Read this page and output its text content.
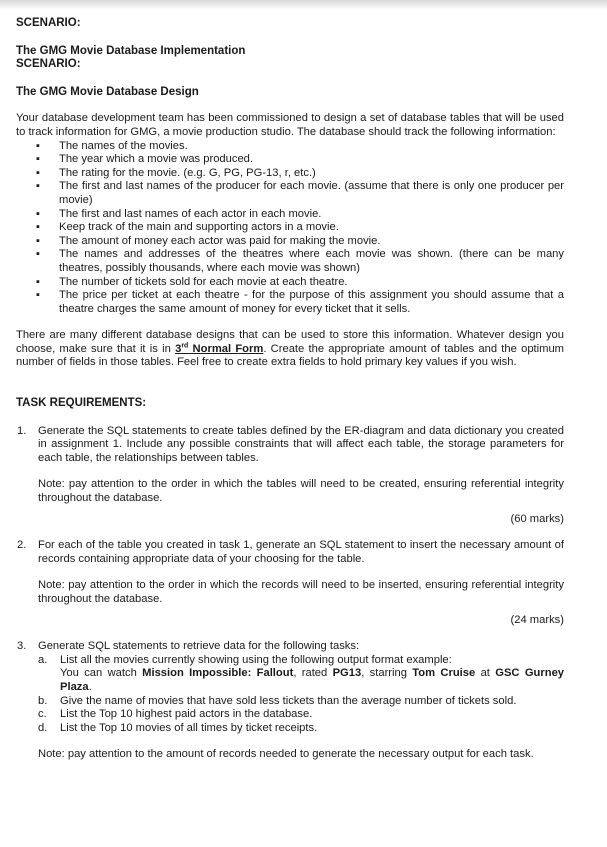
SCENARIO:
The GMG Movie Database Implementation
SCENARIO:
The GMG Movie Database Design

Your database development team has been commissioned to design a set of database tables that will be used to track information for GMG, a movie production studio. The database should track the following information:

▪ The names of the movies.
▪ The year which a movie was produced.
▪ The rating for the movie. (e.g. G, PG, PG-13, r, etc.)
▪ The first and last names of the producer for each movie. (assume that there is only one producer per movie)
▪ The first and last names of each actor in each movie.
▪ Keep track of the main and supporting actors in a movie.
▪ The amount of money each actor was paid for making the movie.
▪ The names and addresses of the theatres where each movie was shown. (there can be many theatres, possibly thousands, where each movie was shown)
▪ The number of tickets sold for each movie at each theatre.
▪ The price per ticket at each theatre - for the purpose of this assignment you should assume that a theatre charges the same amount of money for every ticket that it sells.

There are many different database designs that can be used to store this information. Whatever design you choose, make sure that it is in 3rd Normal Form. Create the appropriate amount of tables and the optimum number of fields in those tables. Feel free to create extra fields to hold primary key values if you wish.

TASK REQUIREMENTS:
1. Generate the SQL statements to create tables defined by the ER-diagram and data dictionary you created in assignment 1. Include any possible constraints that will affect each table, the storage parameters for each table, the relationships between tables.

Note: pay attention to the order in which the tables will need to be created, ensuring referential integrity throughout the database.

(60 marks)
2. For each of the table you created in task 1, generate an SQL statement to insert the necessary amount of records containing appropriate data of your choosing for the table.

Note: pay attention to the order in which the records will need to be inserted, ensuring referential integrity throughout the database.

(24 marks)
3. Generate SQL statements to retrieve data for the following tasks:

a. List all the movies currently showing using the following output format example:

You can watch Mission Impossible: Fallout, rated PG13, starring Tom Cruise at GSC Gurney Plaza.

b. Give the name of movies that have sold less tickets than the average number of tickets sold.

c. List the Top 10 highest paid actors in the database.

d. List the Top 10 movies of all times by ticket receipts.

Note: pay attention to the amount of records needed to generate the necessary output for each task.
